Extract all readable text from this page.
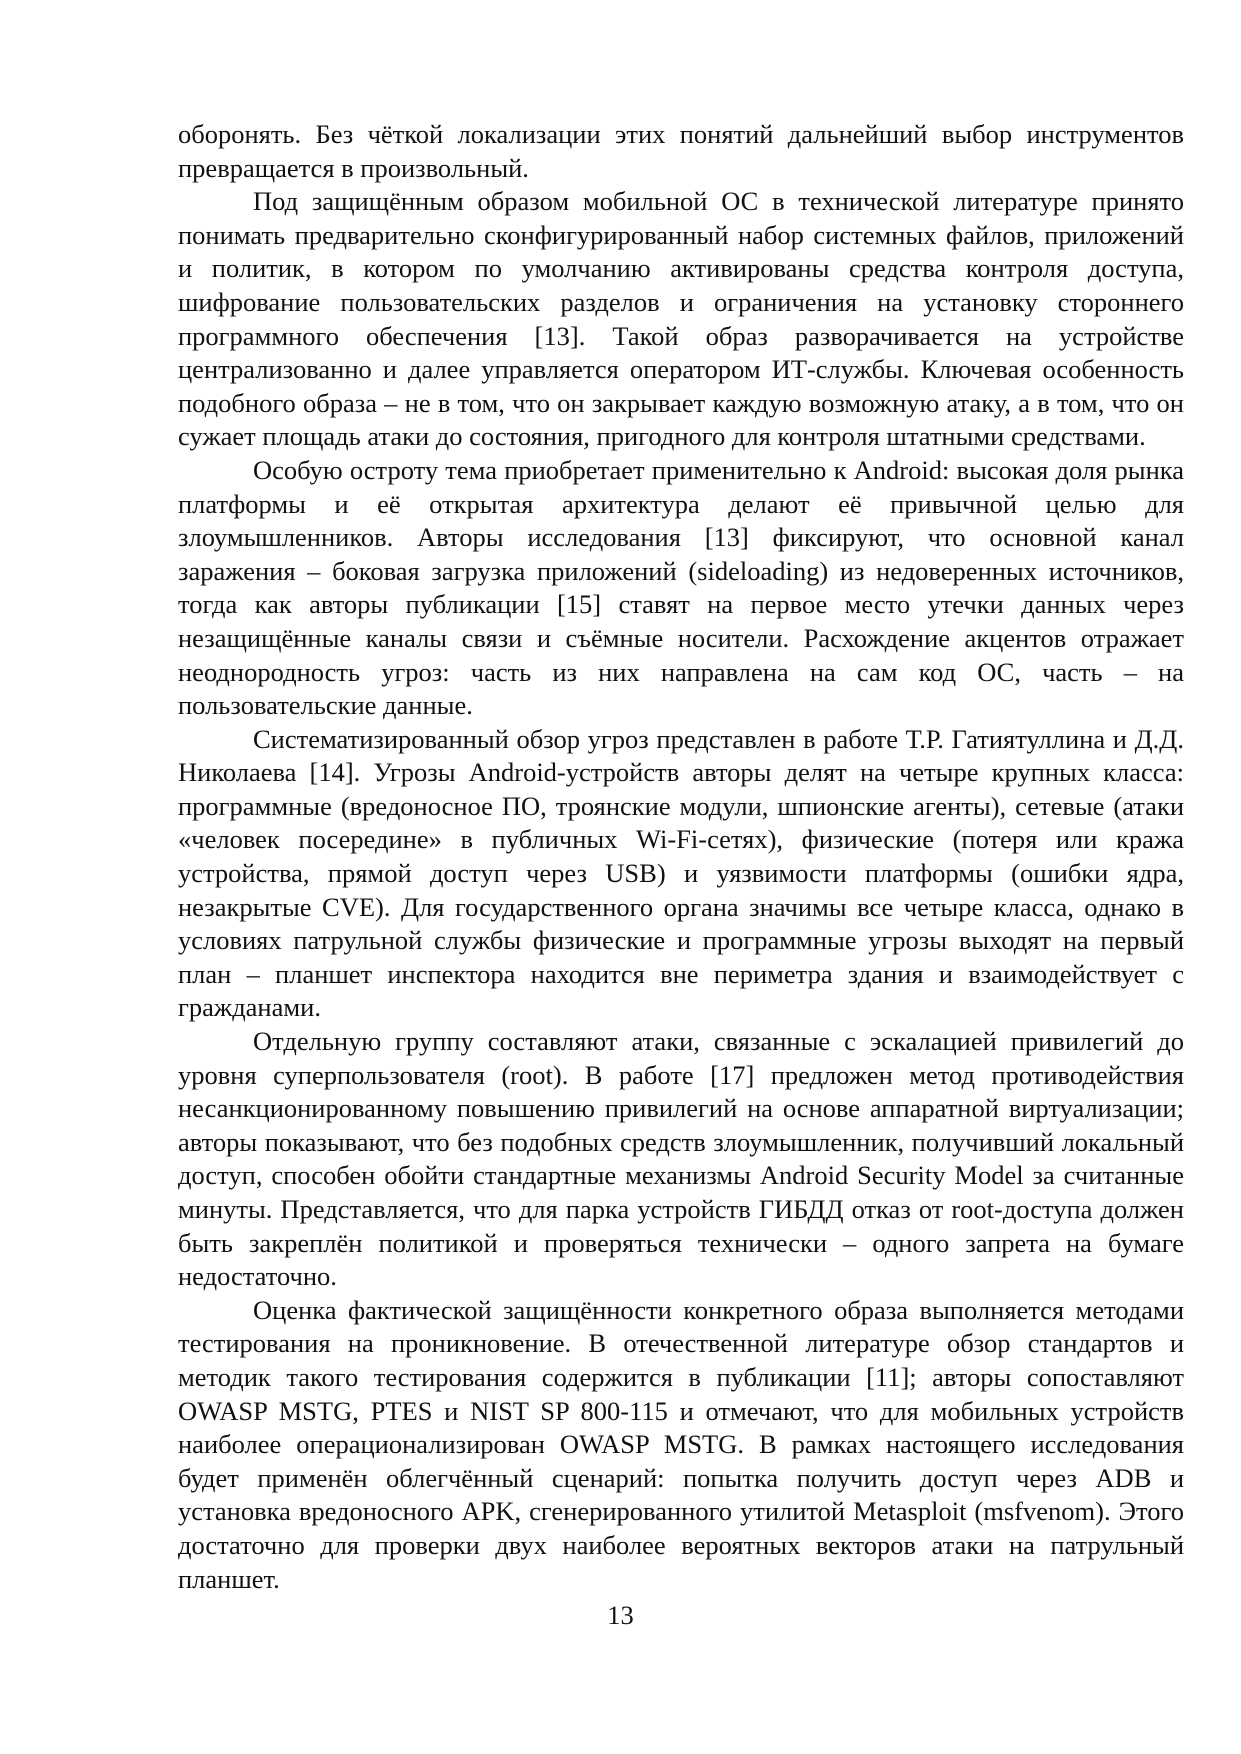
оборонять. Без чёткой локализации этих понятий дальнейший выбор инструментов превращается в произвольный.

Под защищённым образом мобильной ОС в технической литературе принято понимать предварительно сконфигурированный набор системных файлов, приложений и политик, в котором по умолчанию активированы средства контроля доступа, шифрование пользовательских разделов и ограничения на установку стороннего программного обеспечения [13]. Такой образ разворачивается на устройстве централизованно и далее управляется оператором ИТ-службы. Ключевая особенность подобного образа – не в том, что он закрывает каждую возможную атаку, а в том, что он сужает площадь атаки до состояния, пригодного для контроля штатными средствами.

Особую остроту тема приобретает применительно к Android: высокая доля рынка платформы и её открытая архитектура делают её привычной целью для злоумышленников. Авторы исследования [13] фиксируют, что основной канал заражения – боковая загрузка приложений (sideloading) из недоверенных источников, тогда как авторы публикации [15] ставят на первое место утечки данных через незащищённые каналы связи и съёмные носители. Расхождение акцентов отражает неоднородность угроз: часть из них направлена на сам код ОС, часть – на пользовательские данные.

Систематизированный обзор угроз представлен в работе Т.Р. Гатиятуллина и Д.Д. Николаева [14]. Угрозы Android-устройств авторы делят на четыре крупных класса: программные (вредоносное ПО, троянские модули, шпионские агенты), сетевые (атаки «человек посередине» в публичных Wi-Fi-сетях), физические (потеря или кража устройства, прямой доступ через USB) и уязвимости платформы (ошибки ядра, незакрытые CVE). Для государственного органа значимы все четыре класса, однако в условиях патрульной службы физические и программные угрозы выходят на первый план – планшет инспектора находится вне периметра здания и взаимодействует с гражданами.

Отдельную группу составляют атаки, связанные с эскалацией привилегий до уровня суперпользователя (root). В работе [17] предложен метод противодействия несанкционированному повышению привилегий на основе аппаратной виртуализации; авторы показывают, что без подобных средств злоумышленник, получивший локальный доступ, способен обойти стандартные механизмы Android Security Model за считанные минуты. Представляется, что для парка устройств ГИБДД отказ от root-доступа должен быть закреплён политикой и проверяться технически – одного запрета на бумаге недостаточно.

Оценка фактической защищённости конкретного образа выполняется методами тестирования на проникновение. В отечественной литературе обзор стандартов и методик такого тестирования содержится в публикации [11]; авторы сопоставляют OWASP MSTG, PTES и NIST SP 800-115 и отмечают, что для мобильных устройств наиболее операционализирован OWASP MSTG. В рамках настоящего исследования будет применён облегчённый сценарий: попытка получить доступ через ADB и установка вредоносного APK, сгенерированного утилитой Metasploit (msfvenom). Этого достаточно для проверки двух наиболее вероятных векторов атаки на патрульный планшет.

13
